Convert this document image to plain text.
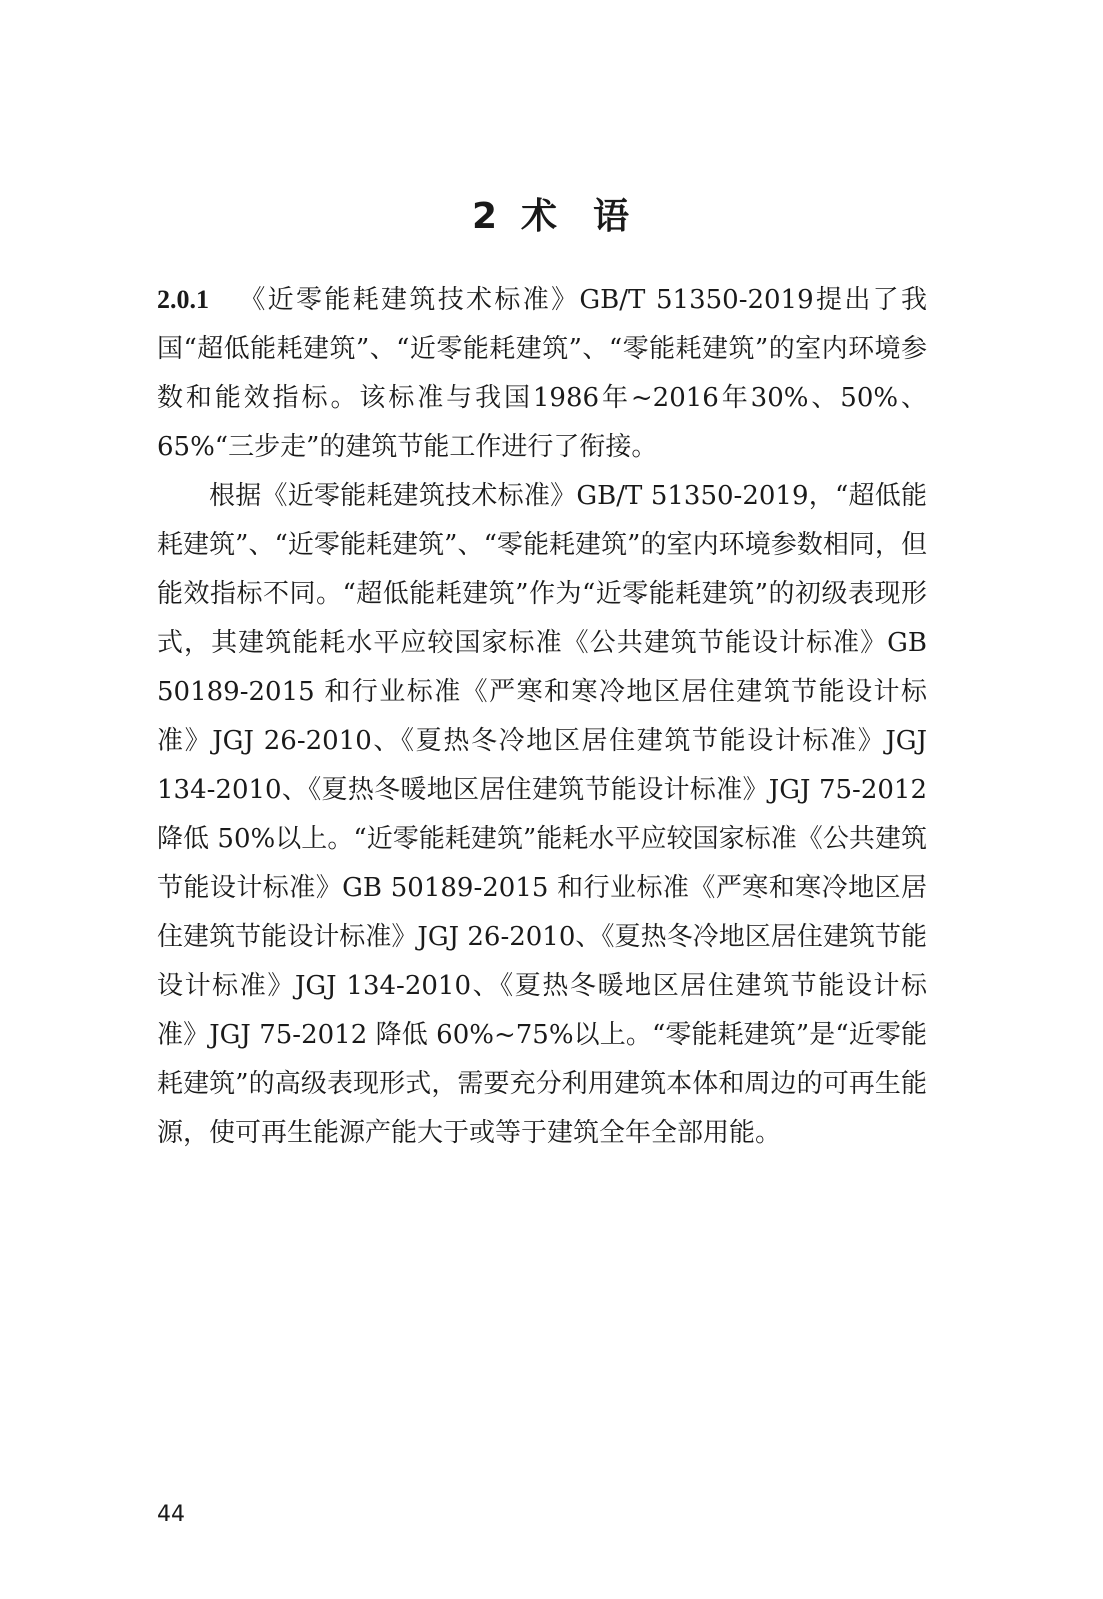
2 术 语

2.0.1 《近零能耗建筑技术标准》GB/T 51350-2019提出了我国“超低能耗建筑”、“近零能耗建筑”、“零能耗建筑”的室内环境参数和能效指标。该标准与我国1986年~2016年30%、50%、65%“三步走”的建筑节能工作进行了衔接。

根据《近零能耗建筑技术标准》GB/T 51350-2019，“超低能耗建筑”、“近零能耗建筑”、“零能耗建筑”的室内环境参数相同，但能效指标不同。“超低能耗建筑”作为“近零能耗建筑”的初级表现形式，其建筑能耗水平应较国家标准《公共建筑节能设计标准》GB 50189-2015 和行业标准《严寒和寒冷地区居住建筑节能设计标准》JGJ 26-2010、《夏热冬冷地区居住建筑节能设计标准》JGJ 134-2010、《夏热冬暖地区居住建筑节能设计标准》JGJ 75-2012 降低 50%以上。“近零能耗建筑”能耗水平应较国家标准《公共建筑节能设计标准》GB 50189-2015 和行业标准《严寒和寒冷地区居住建筑节能设计标准》JGJ 26-2010、《夏热冬冷地区居住建筑节能设计标准》JGJ 134-2010、《夏热冬暖地区居住建筑节能设计标准》JGJ 75-2012 降低 60%~75%以上。“零能耗建筑”是“近零能耗建筑”的高级表现形式，需要充分利用建筑本体和周边的可再生能源，使可再生能源产能大于或等于建筑全年全部用能。

44
